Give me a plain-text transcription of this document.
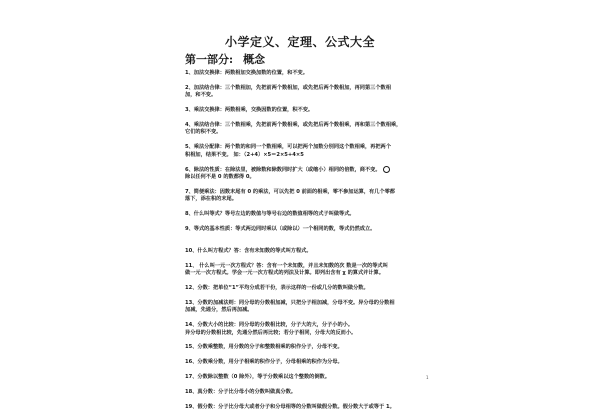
小学定义、定理、公式大全
第一部分: 概念
1、加法交换律：两数相加交换加数的位置，和不变。
2、加法结合律：三个数相加，先把前两个数相加，或先把后两个数相加，再同第三个数相
加，和不变。
3、乘法交换律：两数相乘，交换因数的位置，积不变。
4、乘法结合律：三个数相乘，先把前两个数相乘，或先把后两个数相乘，再和第三个数相乘，
它们的积不变。
5、乘法分配律：两个数的和同一个数相乘，可以把两个加数分别同这个数相乘，再把两个
积相加，结果不变。 如：（2+4）×5＝2×5+4×5
6、除法的性质：在除法里，被除数和除数同时扩大（或缩小）相同的倍数，商不变。
除以任何不是 0 的数都得 0。
7、简便乘法：因数末尾有 0 的乘法，可以先把 0 前面的相乘，零不参加运算，有几个零都
落下，添在积的末尾。
8、什么叫等式？等号左边的数值与等号右边的数值相等的式子叫做等式。
9、等式的基本性质：等式两边同时乘以（或除以）一个相同的数，等式仍然成立。
10、什么叫方程式？答：含有未知数的等式叫方程式。
11、 什么叫一元一次方程式？答：含有一个未知数，并且未知数的次 数是一次的等式叫
做一元一次方程式。学会一元一次方程式的列法及计算。即列出含有 χ 的算式并计算。
12、分数：把单位“1”平均分成若干份，表示这样的一份或几分的数叫做分数。
13、分数的加减法则：同分母的分数相加减，只把分子相加减，分母不变。异分母的分数相
加减，先通分，然后再加减。
14、分数大小的比较：同分母的分数相比较，分子大的大，分子小的小。
异分母的分数相比较，先通分然后再比较；若分子相同，分母大的反而小。
15、分数乘整数，用分数的分子和整数相乘的积作分子，分母不变。
16、分数乘分数，用分子相乘的积作分子，分母相乘的积作为分母。
17、分数除以整数（0 除外），等于分数乘以这个整数的倒数。
18、真分数：分子比分母小的分数叫做真分数。
19、假分数：分子比分母大或者分子和分母相等的分数叫做假分数。假分数大于或等于 1。
1
